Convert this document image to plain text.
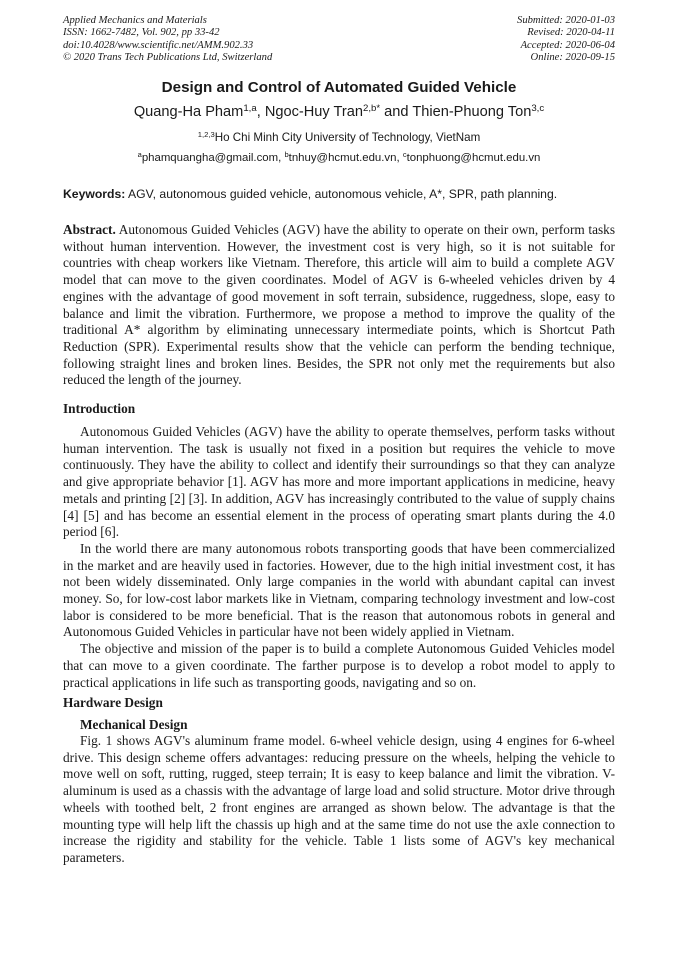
Applied Mechanics and Materials
ISSN: 1662-7482, Vol. 902, pp 33-42
doi:10.4028/www.scientific.net/AMM.902.33
© 2020 Trans Tech Publications Ltd, Switzerland
Submitted: 2020-01-03
Revised: 2020-04-11
Accepted: 2020-06-04
Online: 2020-09-15
Design and Control of Automated Guided Vehicle
Quang-Ha Pham$^{1,a}$, Ngoc-Huy Tran$^{2,b*}$ and Thien-Phuong Ton$^{3,c}$
$^{1,2,3}$Ho Chi Minh City University of Technology, VietNam
$^a$phamquangha@gmail.com, $^b$tnhuy@hcmut.edu.vn, $^c$tonphuong@hcmut.edu.vn
Keywords: AGV, autonomous guided vehicle, autonomous vehicle, A*, SPR, path planning.

Abstract. Autonomous Guided Vehicles (AGV) have the ability to operate on their own, perform tasks without human intervention. However, the investment cost is very high, so it is not suitable for countries with cheap workers like Vietnam. Therefore, this article will aim to build a complete AGV model that can move to the given coordinates. Model of AGV is 6-wheeled vehicles driven by 4 engines with the advantage of good movement in soft terrain, subsidence, ruggedness, slope, easy to balance and limit the vibration. Furthermore, we propose a method to improve the quality of the traditional A* algorithm by eliminating unnecessary intermediate points, which is Shortcut Path Reduction (SPR). Experimental results show that the vehicle can perform the bending technique, following straight lines and broken lines. Besides, the SPR not only met the requirements but also reduced the length of the journey.

Introduction

Autonomous Guided Vehicles (AGV) have the ability to operate themselves, perform tasks without human intervention. The task is usually not fixed in a position but requires the vehicle to move continuously. They have the ability to collect and identify their surroundings so that they can analyze and give appropriate behavior [1]. AGV has more and more important applications in medicine, heavy metals and printing [2] [3]. In addition, AGV has increasingly contributed to the value of supply chains [4] [5] and has become an essential element in the process of operating smart plants during the 4.0 period [6].

In the world there are many autonomous robots transporting goods that have been commercialized in the market and are heavily used in factories. However, due to the high initial investment cost, it has not been widely disseminated. Only large companies in the world with abundant capital can invest money. So, for low-cost labor markets like in Vietnam, comparing technology investment and low-cost labor is considered to be more beneficial. That is the reason that autonomous robots in general and Autonomous Guided Vehicles in particular have not been widely applied in Vietnam.

The objective and mission of the paper is to build a complete Autonomous Guided Vehicles model that can move to a given coordinate. The farther purpose is to develop a robot model to apply to practical applications in life such as transporting goods, navigating and so on.

Hardware Design
Mechanical Design

Fig. 1 shows AGV's aluminum frame model. 6-wheel vehicle design, using 4 engines for 6-wheel drive. This design scheme offers advantages: reducing pressure on the wheels, helping the vehicle to move well on soft, rutting, rugged, steep terrain; It is easy to keep balance and limit the vibration. V-aluminum is used as a chassis with the advantage of large load and solid structure. Motor drive through wheels with toothed belt, 2 front engines are arranged as shown below. The advantage is that the mounting type will help lift the chassis up high and at the same time do not use the axle connection to increase the rigidity and stability for the vehicle. Table 1 lists some of AGV's key mechanical parameters.
